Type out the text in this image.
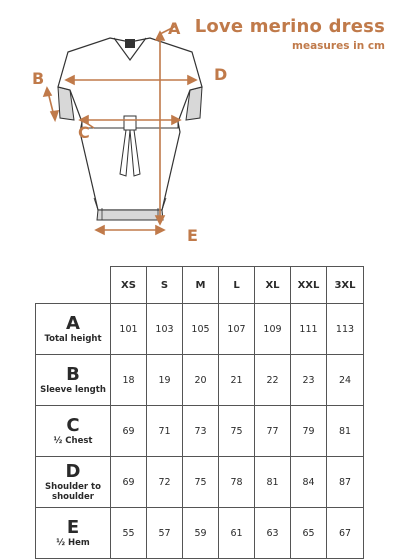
Love merino dress
measures in cm
A
D
B
C
E
	XS	S	M	L	XL	XXL	3XL

A
Total height	101	103	105	107	109	111	113

B
Sleeve length	18	19	20	21	22	23	24

C
½ Chest	69	71	73	75	77	79	81

D
Shoulder to shoulder	69	72	75	78	81	84	87

E
½ Hem	55	57	59	61	63	65	67
